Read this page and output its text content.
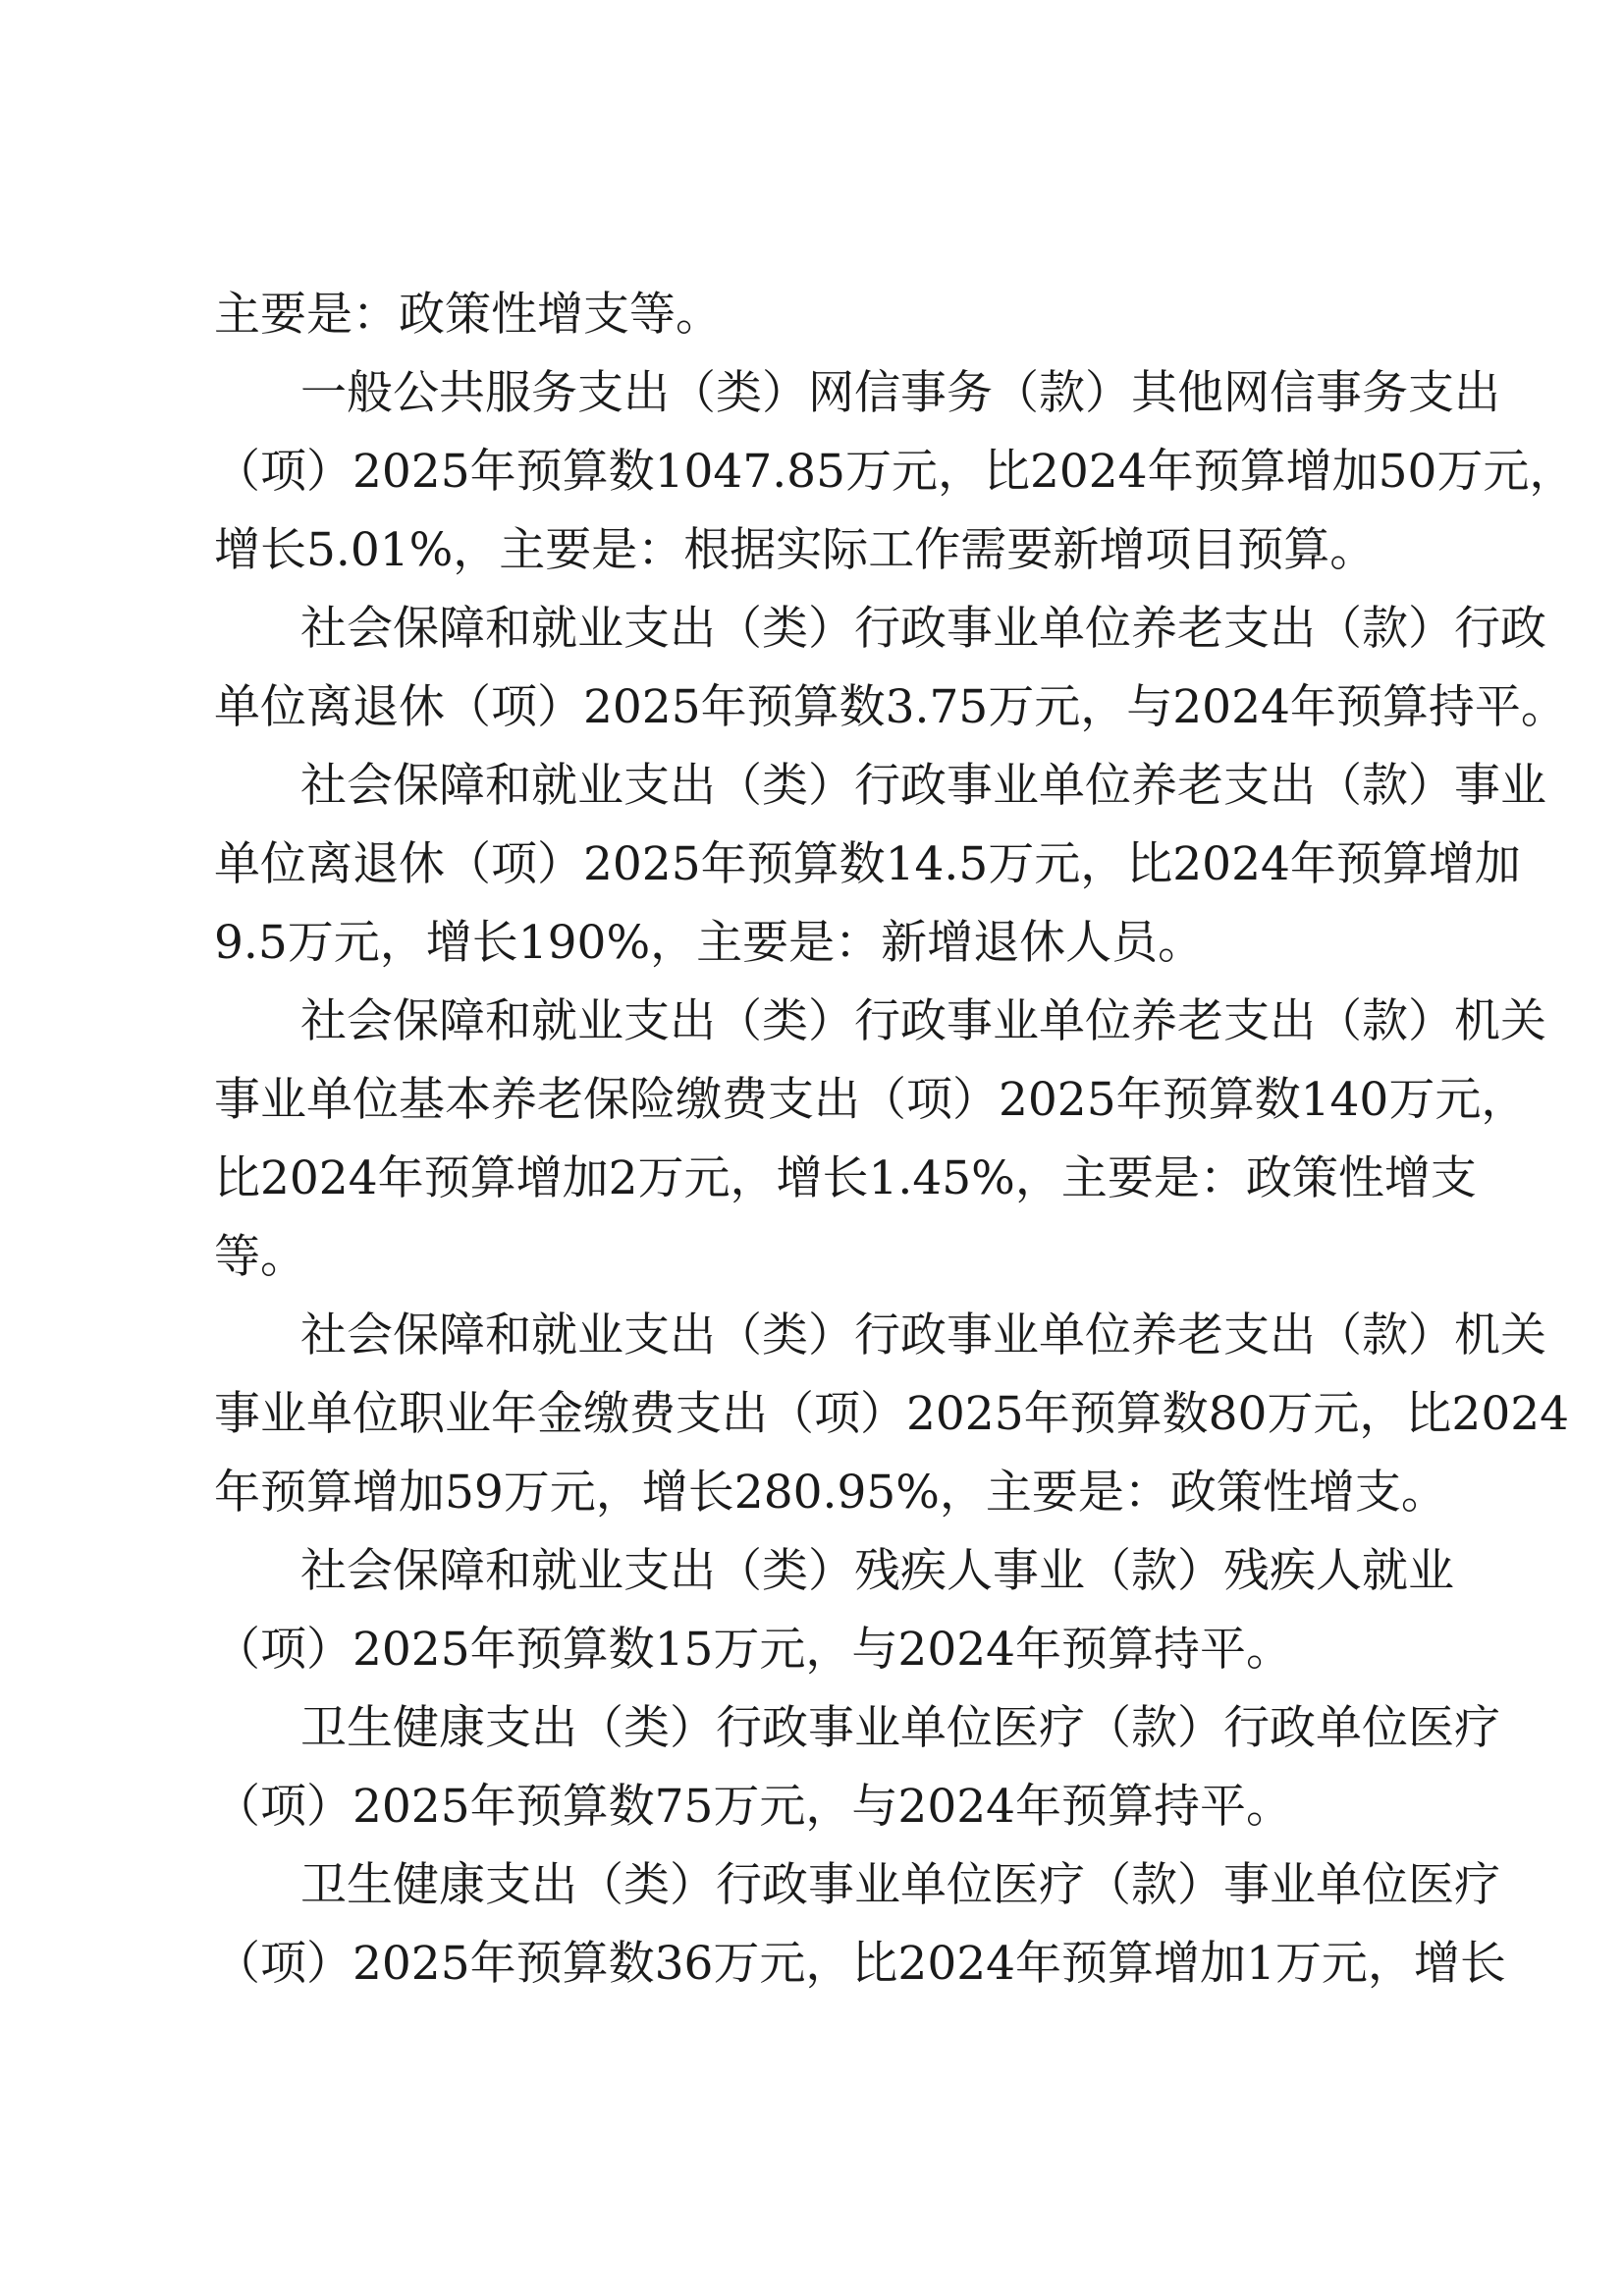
主要是：政策性增支等。
一般公共服务支出（类）网信事务（款）其他网信事务支出
（项）2025年预算数1047.85万元，比2024年预算增加50万元，
增长5.01%，主要是：根据实际工作需要新增项目预算。
社会保障和就业支出（类）行政事业单位养老支出（款）行政
单位离退休（项）2025年预算数3.75万元，与2024年预算持平。
社会保障和就业支出（类）行政事业单位养老支出（款）事业
单位离退休（项）2025年预算数14.5万元，比2024年预算增加
9.5万元，增长190%，主要是：新增退休人员。
社会保障和就业支出（类）行政事业单位养老支出（款）机关
事业单位基本养老保险缴费支出（项）2025年预算数140万元，
比2024年预算增加2万元，增长1.45%，主要是：政策性增支
等。
社会保障和就业支出（类）行政事业单位养老支出（款）机关
事业单位职业年金缴费支出（项）2025年预算数80万元，比2024
年预算增加59万元，增长280.95%，主要是：政策性增支。
社会保障和就业支出（类）残疾人事业（款）残疾人就业
（项）2025年预算数15万元，与2024年预算持平。
卫生健康支出（类）行政事业单位医疗（款）行政单位医疗
（项）2025年预算数75万元，与2024年预算持平。
卫生健康支出（类）行政事业单位医疗（款）事业单位医疗
（项）2025年预算数36万元，比2024年预算增加1万元，增长
